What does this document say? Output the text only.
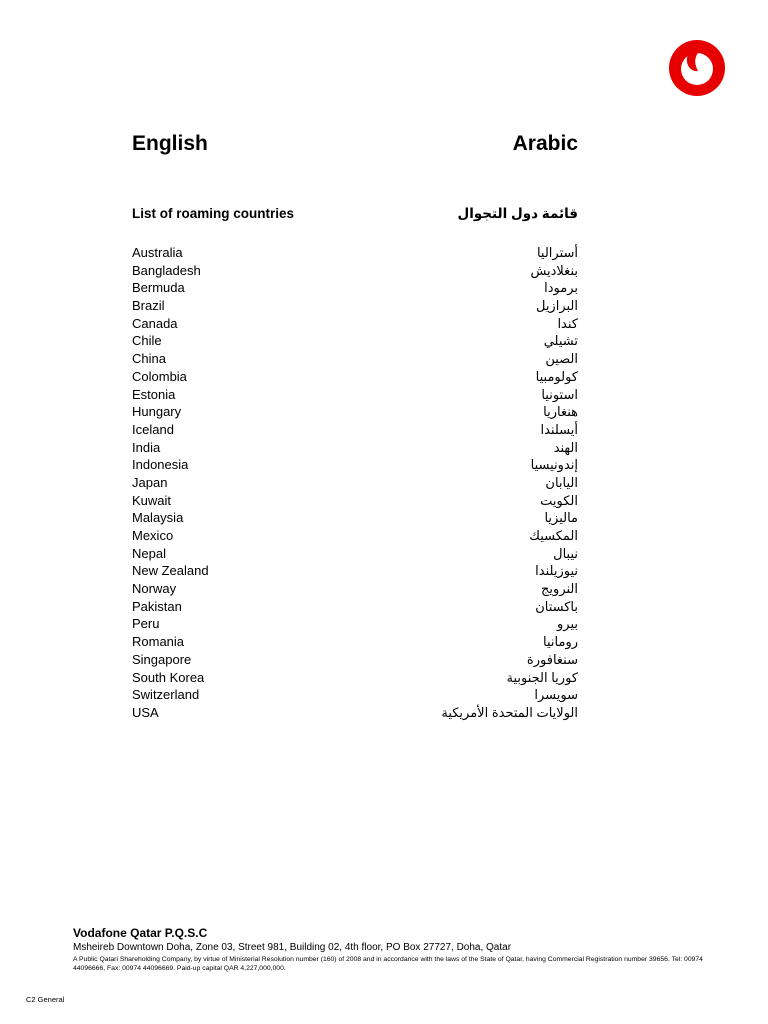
English	Arabic
List of roaming countries	قائمة دول التجوال
Australia	أستراليا
Bangladesh	بنغلاديش
Bermuda	برمودا
Brazil	البرازيل
Canada	كندا
Chile	تشيلي
China	الصين
Colombia	كولومبيا
Estonia	استونيا
Hungary	هنغاريا
Iceland	أيسلندا
India	الهند
Indonesia	إندونيسيا
Japan	اليابان
Kuwait	الكويت
Malaysia	ماليزيا
Mexico	المكسيك
Nepal	نيبال
New Zealand	نيوزيلندا
Norway	النرويج
Pakistan	باكستان
Peru	بيرو
Romania	رومانيا
Singapore	سنغافورة
South Korea	كوريا الجنوبية
Switzerland	سويسرا
USA	الولايات المتحدة الأمريكية

Vodafone Qatar P.Q.S.C

Msheireb Downtown Doha, Zone 03, Street 981, Building 02, 4th floor, PO Box 27727, Doha, Qatar

A Public Qatari Shareholding Company, by virtue of Ministerial Resolution number (160) of 2008 and in accordance with the laws of the State of Qatar, having Commercial Registration number 39656. Tel: 00974 44096666, Fax: 00974 44096669. Paid-up capital QAR 4,227,000,000.

C2 General
